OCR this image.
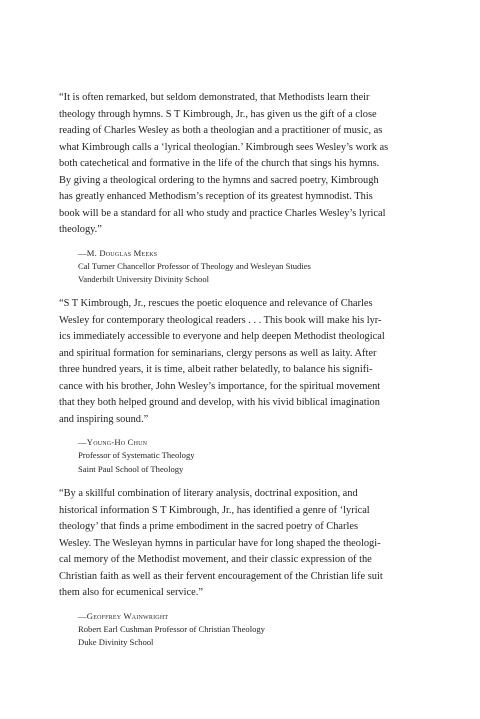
“It is often remarked, but seldom demonstrated, that Methodists learn their
theology through hymns. S T Kimbrough, Jr., has given us the gift of a close
reading of Charles Wesley as both a theologian and a practitioner of music, as
what Kimbrough calls a ‘lyrical theologian.’ Kimbrough sees Wesley’s work as
both catechetical and formative in the life of the church that sings his hymns.
By giving a theological ordering to the hymns and sacred poetry, Kimbrough
has greatly enhanced Methodism’s reception of its greatest hymnodist. This
book will be a standard for all who study and practice Charles Wesley’s lyrical
theology.”

—M. Douglas Meeks
Cal Turner Chancellor Professor of Theology and Wesleyan Studies
Vanderbilt University Divinity School

“S T Kimbrough, Jr., rescues the poetic eloquence and relevance of Charles
Wesley for contemporary theological readers . . . This book will make his lyr-
ics immediately accessible to everyone and help deepen Methodist theological
and spiritual formation for seminarians, clergy persons as well as laity. After
three hundred years, it is time, albeit rather belatedly, to balance his signifi-
cance with his brother, John Wesley’s importance, for the spiritual movement
that they both helped ground and develop, with his vivid biblical imagination
and inspiring sound.”

—Young-Ho Chun
Professor of Systematic Theology
Saint Paul School of Theology

“By a skillful combination of literary analysis, doctrinal exposition, and
historical information S T Kimbrough, Jr., has identified a genre of ‘lyrical
theology’ that finds a prime embodiment in the sacred poetry of Charles
Wesley. The Wesleyan hymns in particular have for long shaped the theologi-
cal memory of the Methodist movement, and their classic expression of the
Christian faith as well as their fervent encouragement of the Christian life suit
them also for ecumenical service.”

—Geoffrey Wainwright
Robert Earl Cushman Professor of Christian Theology
Duke Divinity School
